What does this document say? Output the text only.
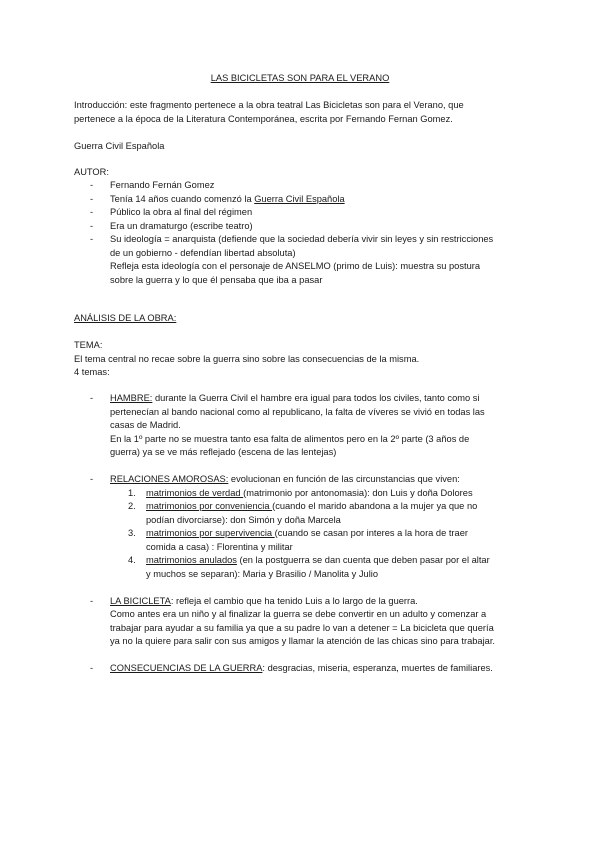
LAS BICICLETAS SON PARA EL VERANO
Introducción: este fragmento pertenece a la obra teatral Las Bicicletas son para el Verano, que
pertenece a la época de la Literatura Contemporánea, escrita por Fernando Fernan Gomez.
Guerra Civil Española
AUTOR:
- Fernando Fernán Gomez
- Tenía 14 años cuando comenzó la Guerra Civil Española
- Público la obra al final del régimen
- Era un dramaturgo (escribe teatro)
- Su ideología = anarquista (defiende que la sociedad debería vivir sin leyes y sin restricciones
de un gobierno - defendían libertad absoluta)
Refleja esta ideología con el personaje de ANSELMO (primo de Luis): muestra su postura
sobre la guerra y lo que él pensaba que iba a pasar
ANÁLISIS DE LA OBRA:
TEMA:
El tema central no recae sobre la guerra sino sobre las consecuencias de la misma.
4 temas:
- HAMBRE: durante la Guerra Civil el hambre era igual para todos los civiles, tanto como si
pertenecían al bando nacional como al republicano, la falta de víveres se vivió en todas las
casas de Madrid.
En la 1º parte no se muestra tanto esa falta de alimentos pero en la 2º parte (3 años de
guerra) ya se ve más reflejado (escena de las lentejas)
- RELACIONES AMOROSAS: evolucionan en función de las circunstancias que viven:
1. matrimonios de verdad (matrimonio por antonomasia): don Luis y doña Dolores
2. matrimonios por conveniencia (cuando el marido abandona a la mujer ya que no
podían divorciarse): don Simón y doña Marcela
3. matrimonios por supervivencia (cuando se casan por interes a la hora de traer
comida a casa) : Florentina y militar
4. matrimonios anulados (en la postguerra se dan cuenta que deben pasar por el altar
y muchos se separan): Maria y Brasilio / Manolita y Julio
- LA BICICLETA: refleja el cambio que ha tenido Luis a lo largo de la guerra.
Como antes era un niño y al finalizar la guerra se debe convertir en un adulto y comenzar a
trabajar para ayudar a su familia ya que a su padre lo van a detener = La bicicleta que quería
ya no la quiere para salir con sus amigos y llamar la atención de las chicas sino para trabajar.
- CONSECUENCIAS DE LA GUERRA: desgracias, miseria, esperanza, muertes de familiares.
